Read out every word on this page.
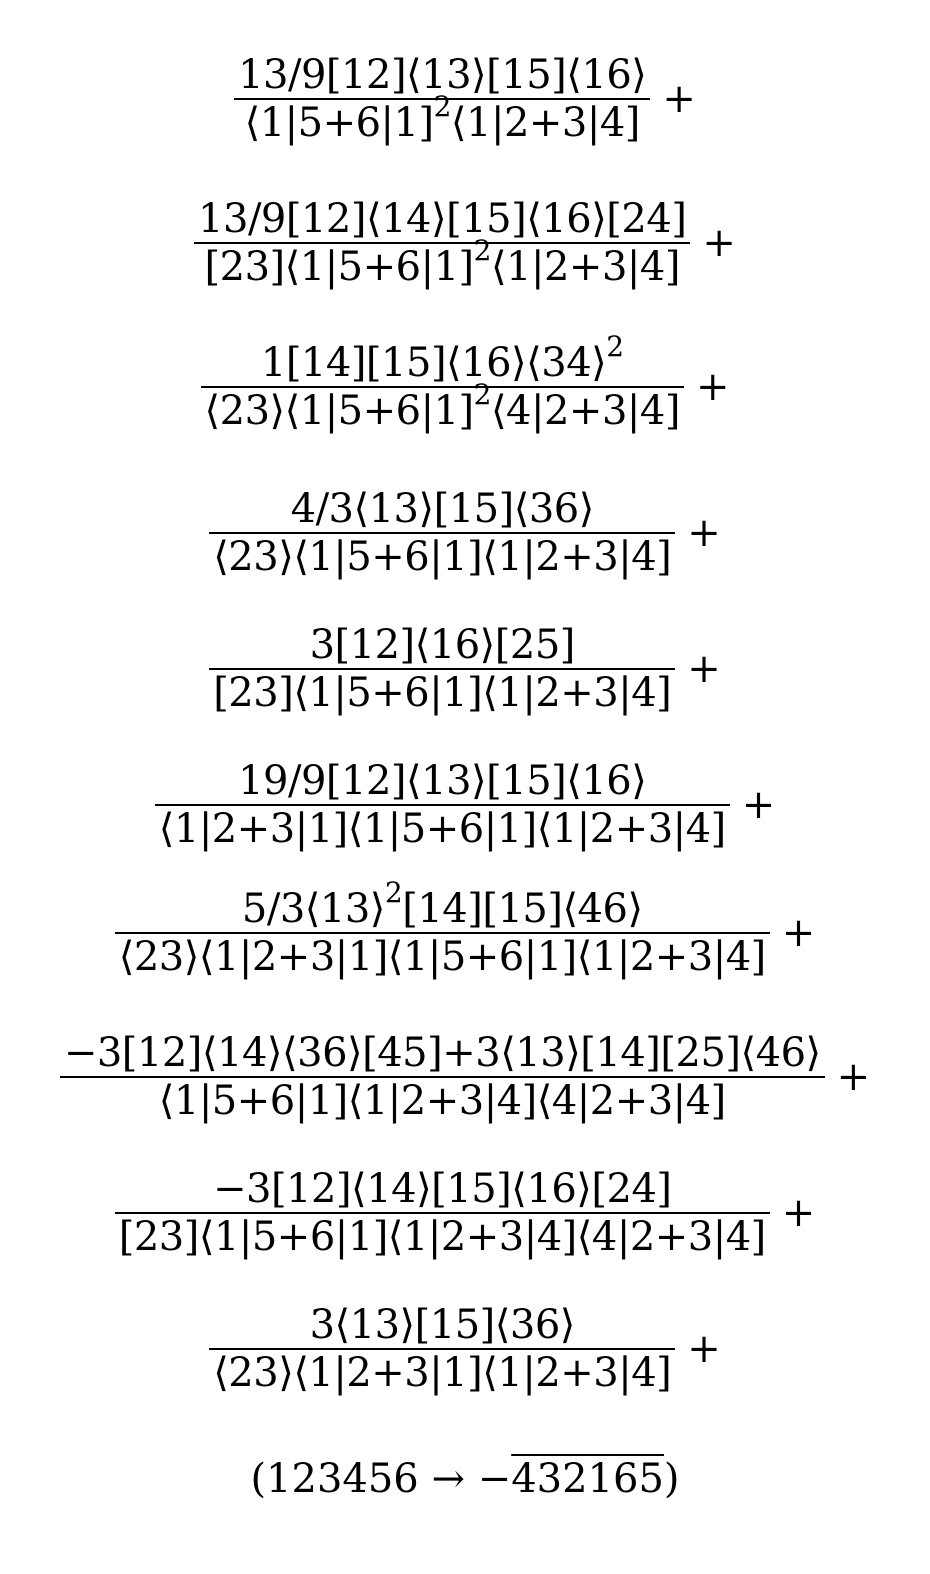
$\frac{13/9[12]⟨13⟩[15]⟨16⟩}{⟨1|5+6|1]^2⟨1|2+3|4]}$ +
$\frac{13/9[12]⟨14⟩[15]⟨16⟩[24]}{[23]⟨1|5+6|1]^2⟨1|2+3|4]}$ +
$\frac{1[14][15]⟨16⟩⟨34⟩^2}{⟨23⟩⟨1|5+6|1]^2⟨4|2+3|4]}$ +
$\frac{4/3⟨13⟩[15]⟨36⟩}{⟨23⟩⟨1|5+6|1]⟨1|2+3|4]}$ +
$\frac{3[12]⟨16⟩[25]}{[23]⟨1|5+6|1]⟨1|2+3|4]}$ +
$\frac{19/9[12]⟨13⟩[15]⟨16⟩}{⟨1|2+3|1]⟨1|5+6|1]⟨1|2+3|4]}$ +
$\frac{5/3⟨13⟩^2[14][15]⟨46⟩}{⟨23⟩⟨1|2+3|1]⟨1|5+6|1]⟨1|2+3|4]}$ +
$\frac{-3[12]⟨14⟩⟨36⟩[45]+3⟨13⟩[14][25]⟨46⟩}{⟨1|5+6|1]⟨1|2+3|4]⟨4|2+3|4]}$ +
$\frac{-3[12]⟨14⟩[15]⟨16⟩[24]}{[23]⟨1|5+6|1]⟨1|2+3|4]⟨4|2+3|4]}$ +
$\frac{3⟨13⟩[15]⟨36⟩}{⟨23⟩⟨1|2+3|1]⟨1|2+3|4]}$ +
(123456 → −432165)
